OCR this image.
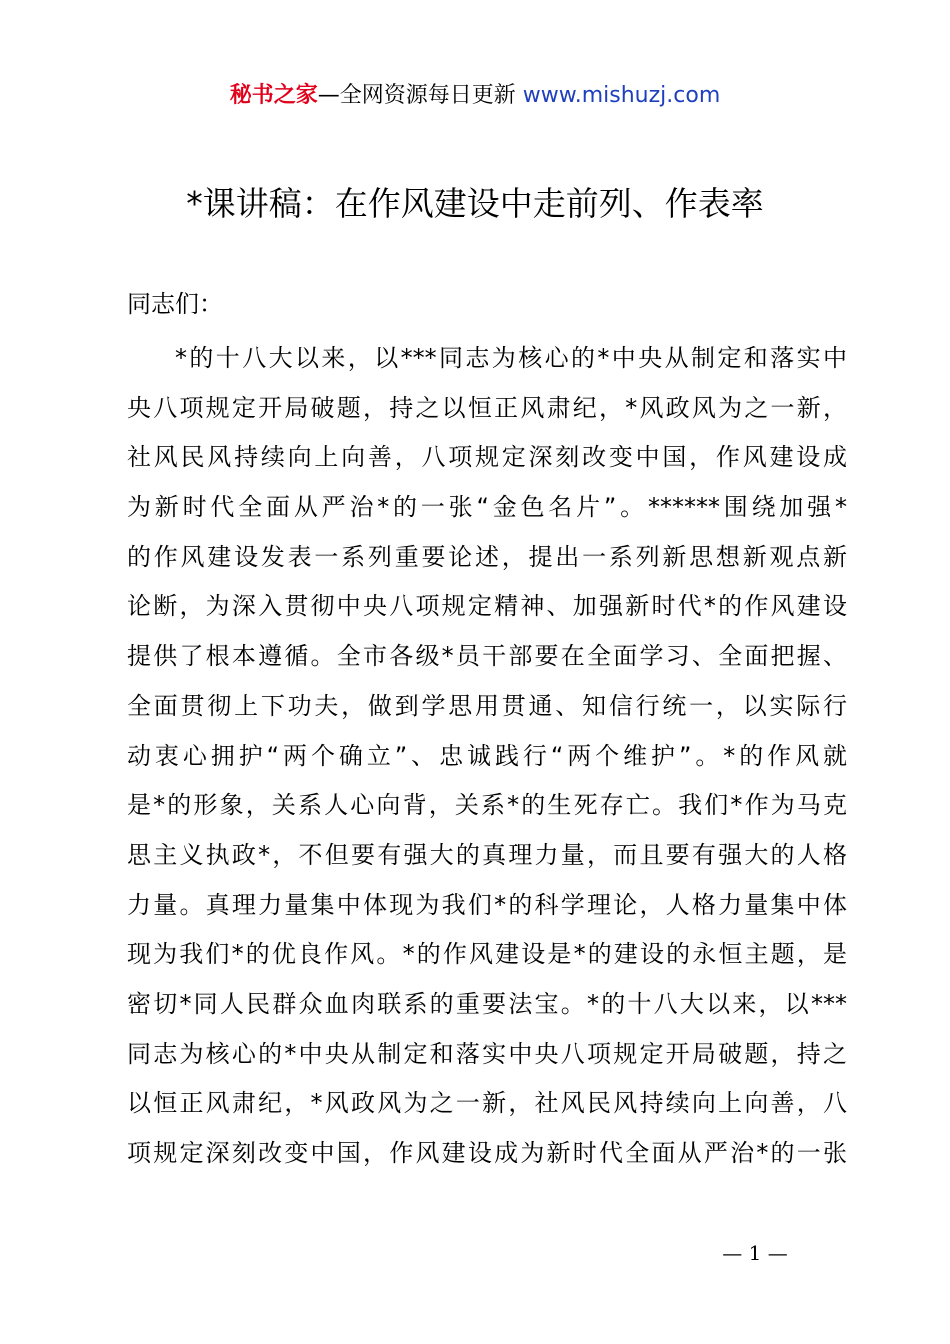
秘书之家—全网资源每日更新 www.mishuzj.com
*课讲稿：在作风建设中走前列、作表率
同志们：
*的十八大以来，以***同志为核心的*中央从制定和落实中
央八项规定开局破题，持之以恒正风肃纪，*风政风为之一新，
社风民风持续向上向善，八项规定深刻改变中国，作风建设成
为新时代全面从严治*的一张“金色名片”。******围绕加强*
的作风建设发表一系列重要论述，提出一系列新思想新观点新
论断，为深入贯彻中央八项规定精神、加强新时代*的作风建设
提供了根本遵循。全市各级*员干部要在全面学习、全面把握、
全面贯彻上下功夫，做到学思用贯通、知信行统一，以实际行
动衷心拥护“两个确立”、忠诚践行“两个维护”。*的作风就
是*的形象，关系人心向背，关系*的生死存亡。我们*作为马克
思主义执政*，不但要有强大的真理力量，而且要有强大的人格
力量。真理力量集中体现为我们*的科学理论，人格力量集中体
现为我们*的优良作风。*的作风建设是*的建设的永恒主题，是
密切*同人民群众血肉联系的重要法宝。*的十八大以来，以***
同志为核心的*中央从制定和落实中央八项规定开局破题，持之
以恒正风肃纪，*风政风为之一新，社风民风持续向上向善，八
项规定深刻改变中国，作风建设成为新时代全面从严治*的一张
— 1 —
